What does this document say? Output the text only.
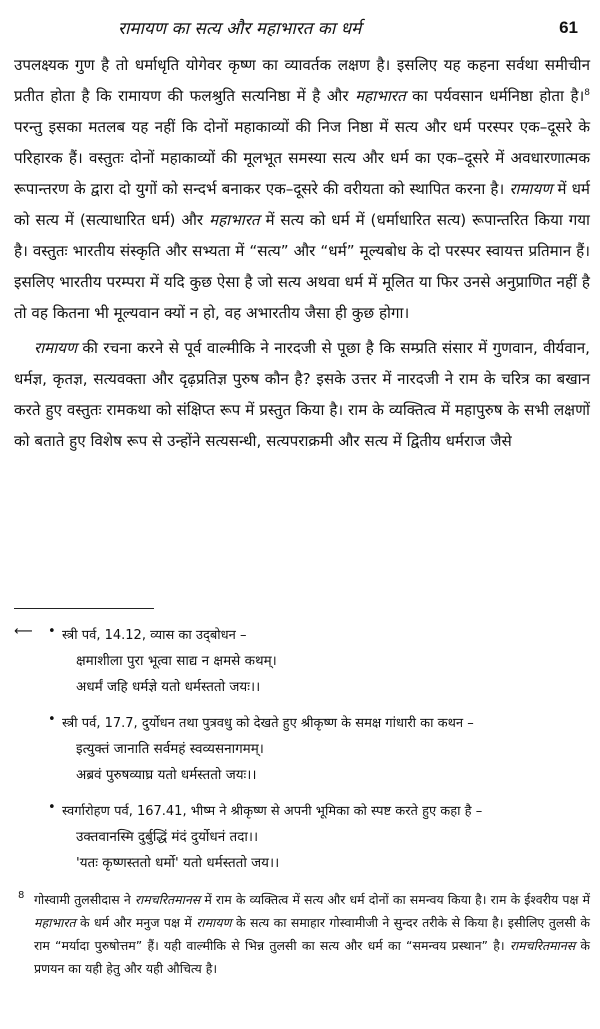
रामायण का सत्य और महाभारत का धर्म	61

उपलक्ष्यक गुण है तो धर्माधृति योगेवर कृष्ण का व्यावर्तक लक्षण है। इसलिए यह कहना सर्वथा समीचीन प्रतीत होता है कि रामायण की फलश्रुति सत्यनिष्ठा में है और महाभारत का पर्यवसान धर्मनिष्ठा होता है।$^8$ परन्तु इसका मतलब यह नहीं कि दोनों महाकाव्यों की निज निष्ठा में सत्य और धर्म परस्पर एक–दूसरे के परिहारक हैं। वस्तुतः दोनों महाकाव्यों की मूलभूत समस्या सत्य और धर्म का एक–दूसरे में अवधारणात्मक रूपान्तरण के द्वारा दो युगों को सन्दर्भ बनाकर एक–दूसरे की वरीयता को स्थापित करना है। रामायण में धर्म को सत्य में (सत्याधारित धर्म) और महाभारत में सत्य को धर्म में (धर्माधारित सत्य) रूपान्तरित किया गया है। वस्तुतः भारतीय संस्कृति और सभ्यता में “सत्य” और “धर्म” मूल्यबोध के दो परस्पर स्वायत्त प्रतिमान हैं। इसलिए भारतीय परम्परा में यदि कुछ ऐसा है जो सत्य अथवा धर्म में मूलित या फिर उनसे अनुप्राणित नहीं है तो वह कितना भी मूल्यवान क्यों न हो, वह अभारतीय जैसा ही कुछ होगा।

रामायण की रचना करने से पूर्व वाल्मीकि ने नारदजी से पूछा है कि सम्प्रति संसार में गुणवान, वीर्यवान, धर्मज्ञ, कृतज्ञ, सत्यवक्ता और दृढ़प्रतिज्ञ पुरुष कौन है? इसके उत्तर में नारदजी ने राम के चरित्र का बखान करते हुए वस्तुतः रामकथा को संक्षिप्त रूप में प्रस्तुत किया है। राम के व्यक्तित्व में महापुरुष के सभी लक्षणों को बताते हुए विशेष रूप से उन्होंने सत्यसन्धी, सत्यपराक्रमी और सत्य में द्वितीय धर्मराज जैसे

⟵ • स्त्री पर्व, 14.12, व्यास का उद्‌बोधन –
क्षमाशीला पुरा भूत्वा साद्य न क्षमसे कथम्।
अधर्मं जहि धर्मज्ञे यतो धर्मस्ततो जयः।।
• स्त्री पर्व, 17.7, दुर्योधन तथा पुत्रवधु को देखते हुए श्रीकृष्ण के समक्ष गांधारी का कथन –
इत्युक्तं जानाति सर्वमहं स्वव्यसनागमम्।
अब्रवं पुरुषव्याघ्र यतो धर्मस्ततो जयः।।
• स्वर्गारोहण पर्व, 167.41, भीष्म ने श्रीकृष्ण से अपनी भूमिका को स्पष्ट करते हुए कहा है –
उक्तवानस्मि दुर्बुद्धिं मंदं दुर्योधनं तदा।।
'यतः कृष्णस्ततो धर्मो' यतो धर्मस्ततो जय।।
8 गोस्वामी तुलसीदास ने रामचरितमानस में राम के व्यक्तित्व में सत्य और धर्म दोनों का समन्वय किया है। राम के ईश्वरीय पक्ष में महाभारत के धर्म और मनुज पक्ष में रामायण के सत्य का समाहार गोस्वामीजी ने सुन्दर तरीके से किया है। इसीलिए तुलसी के राम “मर्यादा पुरुषोत्तम” हैं। यही वाल्मीकि से भिन्न तुलसी का सत्य और धर्म का “समन्वय प्रस्थान” है। रामचरितमानस के प्रणयन का यही हेतु और यही औचित्य है।
